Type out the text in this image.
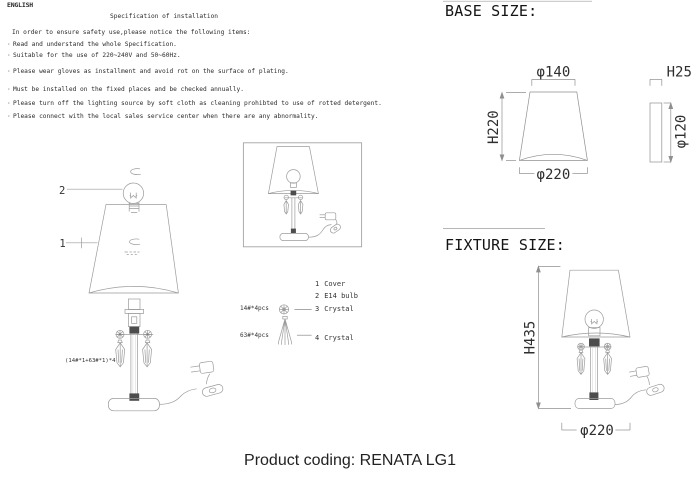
2
1
(14#*1+63#*1)*4
φ140
H220
φ220
H25
φ120
H435
φ220
ENGLISH
Specification of installation
In order to ensure safety use,please notice the following items:
· Read and understand the whole Specification.
· Suitable for the use of 220~240V and 50~60Hz.
· Please wear gloves as installment and avoid rot on the surface of plating.
· Must be installed on the fixed places and be checked annually.
· Please turn off the lighting source by soft cloth as cleaning prohibted to use of rotted detergent.
· Please connect with the local sales service center when there are any abnormality.
BASE SIZE:
FIXTURE SIZE:
1 Cover
2 E14 bulb
3 Crystal
4 Crystal
14#*4pcs
63#*4pcs
Product coding: RENATA LG1
